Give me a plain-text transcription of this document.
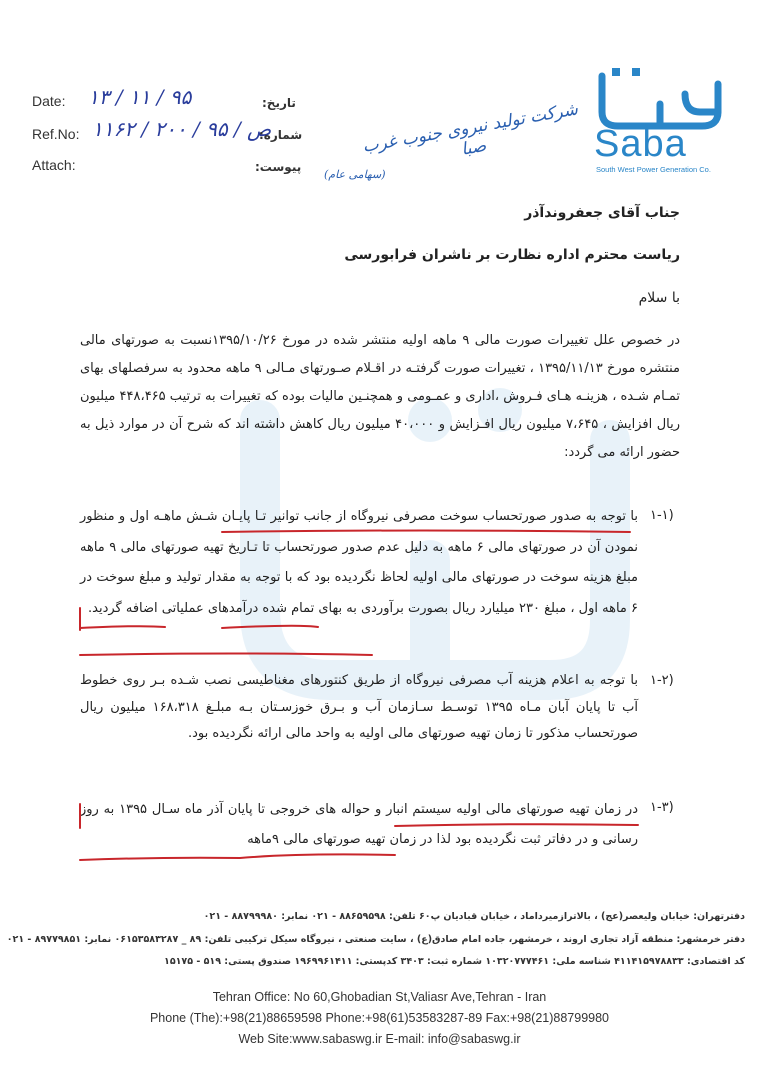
Date: ۹۵ / ۱۱ / ۱۳	تاریخ:
Ref.No: ص / ۹۵ / ۲۰۰ / ۱۱۶۲
شماره:
Attach:	پیوست:
شرکت تولید نیروی جنوب غرب صبا
(سهامی عام)
Saba
South West Power Generation Co.
جناب آقای جعفروندآذر
ریاست محترم اداره نظارت بر ناشران فرابورسی
با سلام
در خصوص علل تغییرات صورت مالی ۹ ماهه اولیه منتشر شده در مورخ ۱۳۹۵/۱۰/۲۶نسبت به صورتهای مالی منتشره مورخ ۱۳۹۵/۱۱/۱۳ ، تغییرات صورت گرفتـه در اقـلام صـورتهای مـالی ۹ ماهه محدود به سرفصلهای بهای تمـام شـده ، هزینـه هـای فـروش ،اداری و عمـومی و همچنـین مالیات بوده که تغییرات به ترتیب ۴۴۸،۴۶۵ میلیون ریال افزایش ، ۷،۶۴۵ میلیون ریال افـزایش و ۴۰،۰۰۰ میلیون ریال کاهش داشته اند که شرح آن در موارد ذیل به حضور ارائه می گردد:
۱-۱)
با توجه به صدور صورتحساب سوخت مصرفی نیروگاه از جانب توانیر تـا پایـان شـش ماهـه اول و منظور نمودن آن در صورتهای مالی ۶ ماهه به دلیل عدم صدور صورتحساب تا تـاریخ تهیه صورتهای مالی ۹ ماهه مبلغ هزینه سوخت در صورتهای مالی اولیه لحاظ نگردیده بود که با توجه به مقدار تولید و مبلغ سوخت در ۶ ماهه اول ، مبلغ ۲۳۰ میلیارد ریال بصورت برآوردی به بهای تمام شده درآمدهای عملیاتی اضافه گردید.
۱-۲)
با توجه به اعلام هزینه آب مصرفی نیروگاه از طریق کنتورهای مغناطیسی نصب شـده بـر روی خطوط آب تا پایان آبان مـاه ۱۳۹۵ توسـط سـازمان آب و بـرق خوزسـتان بـه مبلـغ ۱۶۸،۳۱۸ میلیون ریال صورتحساب مذکور تا زمان تهیه صورتهای مالی اولیه به واحد مالی ارائه نگردیده بود.
۱-۳)
در زمان تهیه صورتهای مالی اولیه سیستم انبار و حواله های خروجی تا پایان آذر ماه سـال ۱۳۹۵ به روز رسانی و در دفاتر ثبت نگردیده بود لذا در زمان تهیه صورتهای مالی ۹ماهه
دفترتهران: خیابان ولیعصر(عج) ، بالاترازمیرداماد ، خیابان قبادیان پ۶۰ تلفن: ۸۸۶۵۹۵۹۸ - ۰۲۱ نمابر: ۸۸۷۹۹۹۸۰ - ۰۲۱
دفتر خرمشهر: منطقه آزاد تجاری اروند ، خرمشهر، جاده امام صادق(ع) ، سایت صنعتی ، نیروگاه سیکل ترکیبی تلفن: ۸۹ _ ۰۶۱۵۳۵۸۳۲۸۷ نمابر: ۸۹۷۷۹۸۵۱ - ۰۲۱
کد اقتصادی: ۴۱۱۴۱۵۹۷۸۸۳۳ شناسه ملی: ۱۰۳۲۰۷۷۷۴۶۱ شماره ثبت: ۳۴۰۳ کدپستی: ۱۹۶۹۹۶۱۴۱۱ صندوق پستی: ۵۱۹ - ۱۵۱۷۵
Tehran Office: No 60,Ghobadian St,Valiasr Ave,Tehran - Iran
Phone (The):+98(21)88659598 Phone:+98(61)53583287-89 Fax:+98(21)88799980
Web Site:www.sabaswg.ir E-mail: info@sabaswg.ir
